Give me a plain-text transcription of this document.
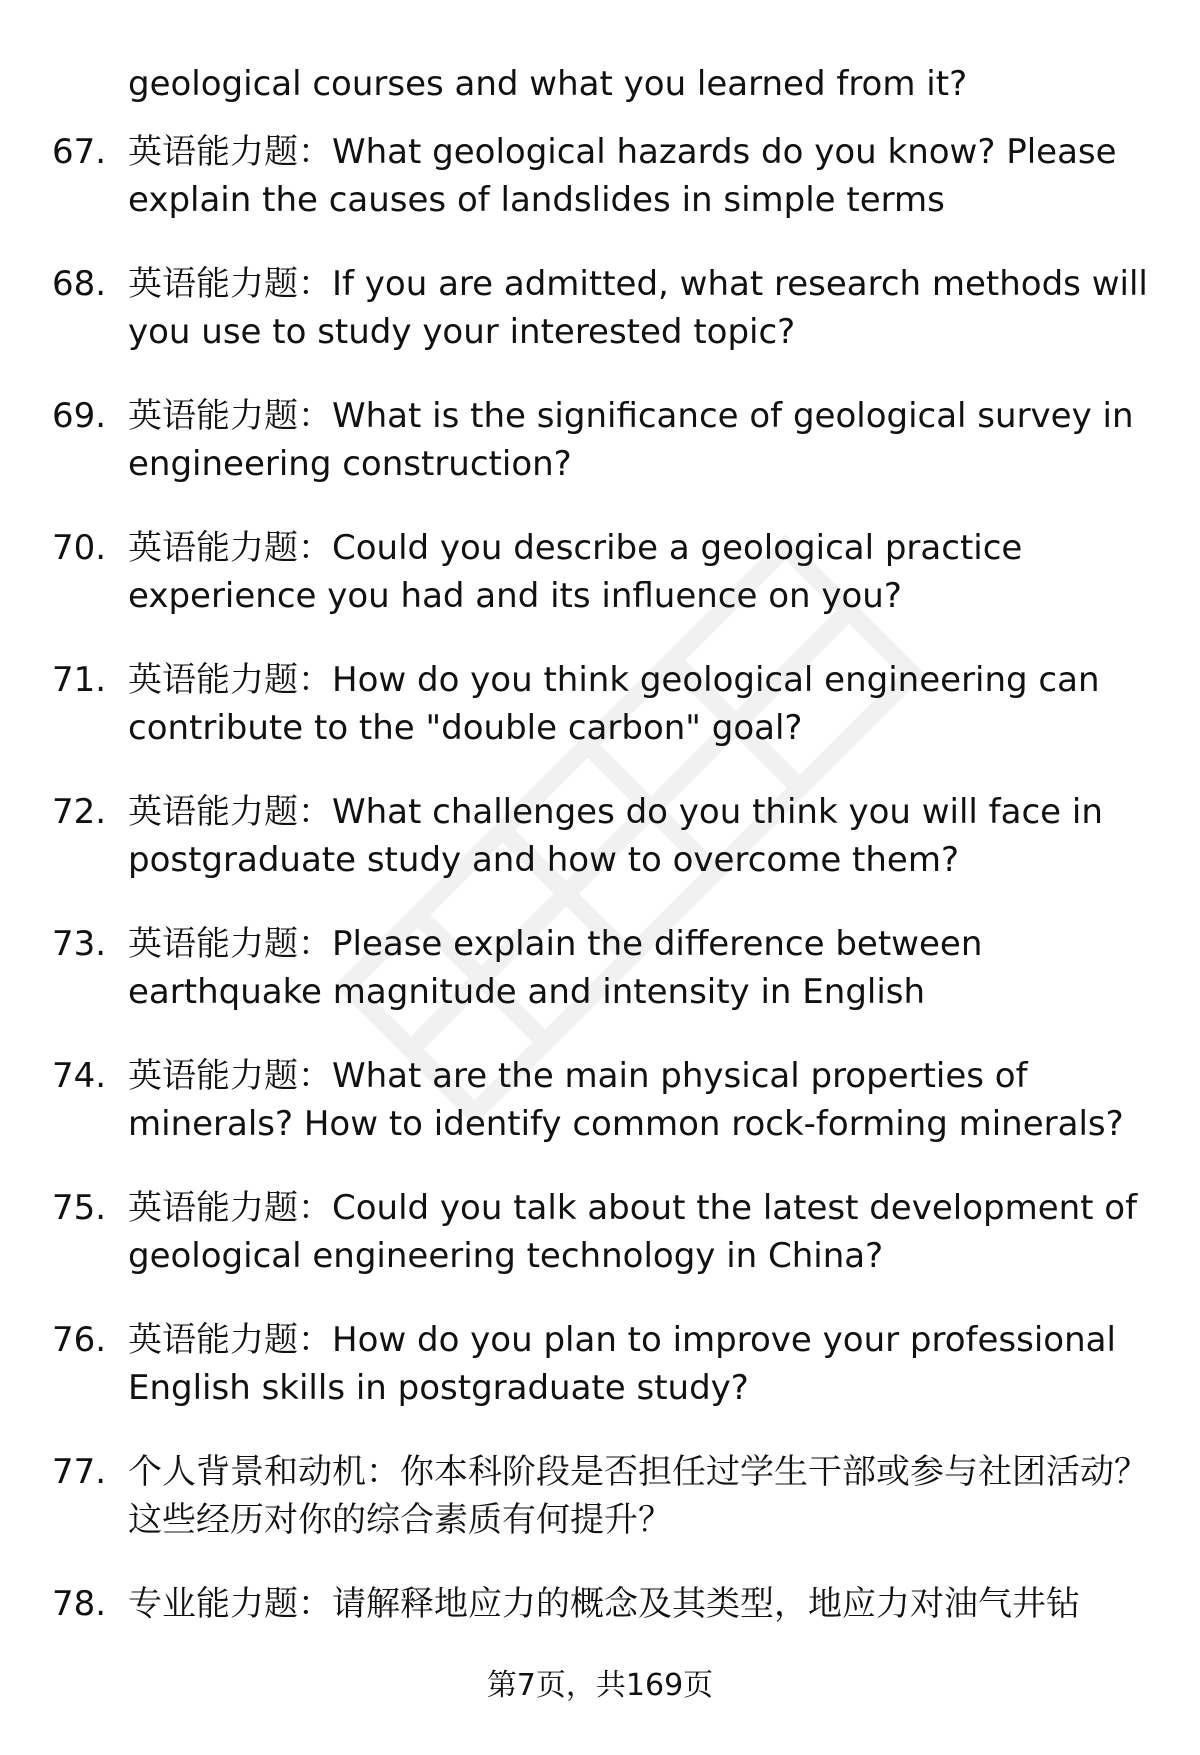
geological courses and what you learned from it?
67. 英语能力题：What geological hazards do you know? Please explain the causes of landslides in simple terms
68. 英语能力题：If you are admitted, what research methods will you use to study your interested topic?
69. 英语能力题：What is the significance of geological survey in engineering construction?
70. 英语能力题：Could you describe a geological practice experience you had and its influence on you?
71. 英语能力题：How do you think geological engineering can contribute to the "double carbon" goal?
72. 英语能力题：What challenges do you think you will face in postgraduate study and how to overcome them?
73. 英语能力题：Please explain the difference between earthquake magnitude and intensity in English
74. 英语能力题：What are the main physical properties of minerals? How to identify common rock-forming minerals?
75. 英语能力题：Could you talk about the latest development of geological engineering technology in China?
76. 英语能力题：How do you plan to improve your professional English skills in postgraduate study?
77. 个人背景和动机：你本科阶段是否担任过学生干部或参与社团活动？这些经历对你的综合素质有何提升？
78. 专业能力题：请解释地应力的概念及其类型，地应力对油气井钻
第7页，共169页
